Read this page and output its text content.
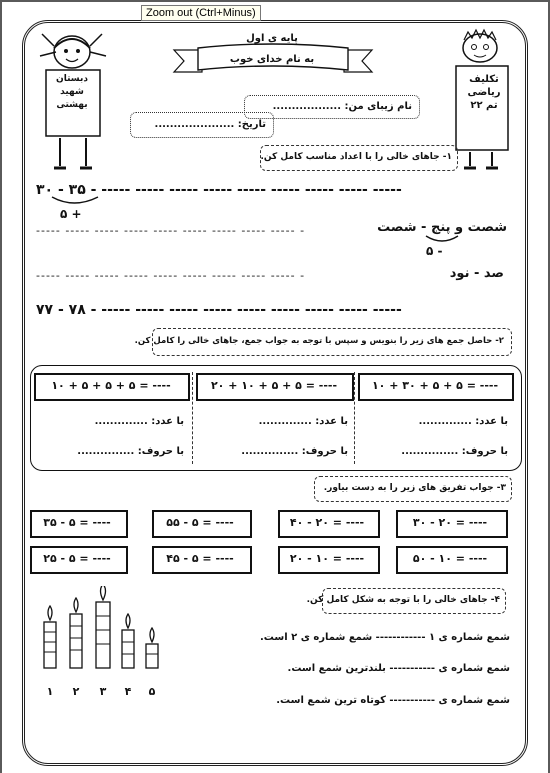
Zoom out (Ctrl+Minus)
دبستان
شهید
بهشتی
تکلیف
ریاضی
تم ۲۲
پایه ی اول
به نام خدای خوب
نام زیبای من: ..................
تاریخ: .....................
۱- جاهای خالی را با اعداد مناسب کامل کن.
۳۰ - ۳۵ - ----- ----- ----- ----- ----- ----- ----- ----- -----
+ ۵
شصت و پنج - شصت
----- ----- ----- ----- ----- ----- ----- ----- ----- -
- ۵
صد - نود
----- ----- ----- ----- ----- ----- ----- ----- ----- -
۷۷ - ۷۸ - ----- ----- ----- ----- ----- ----- ----- ----- -----
۲- حاصل جمع های زیر را بنویس و سپس با توجه به جواب جمع، جاهای خالی را کامل کن.
۱۰ + ۳۰ + ۵ + ۵ = ----
با عدد: ..............
با حروف: ...............
۲۰ + ۱۰ + ۵ + ۵ = ----
با عدد: ..............
با حروف: ...............
۱۰ + ۵ + ۵ + ۵ = ----
با عدد: ..............
با حروف: ...............
۳- جواب تفریق های زیر را به دست بیاور.
۳۰ - ۲۰ = ----
۴۰ - ۲۰ = ----
۵۵ - ۵ = ----
۳۵ - ۵ = ----
۵۰ - ۱۰ = ----
۲۰ - ۱۰ = ----
۴۵ - ۵ = ----
۲۵ - ۵ = ----
۴- جاهای خالی را با توجه به شکل کامل کن.
۱	۲	۳	۴	۵
شمع شماره ی ۱ ------------ شمع شماره ی ۲ است.
شمع شماره ی ----------- بلندترین شمع است.
شمع شماره ی ----------- کوتاه ترین شمع است.
